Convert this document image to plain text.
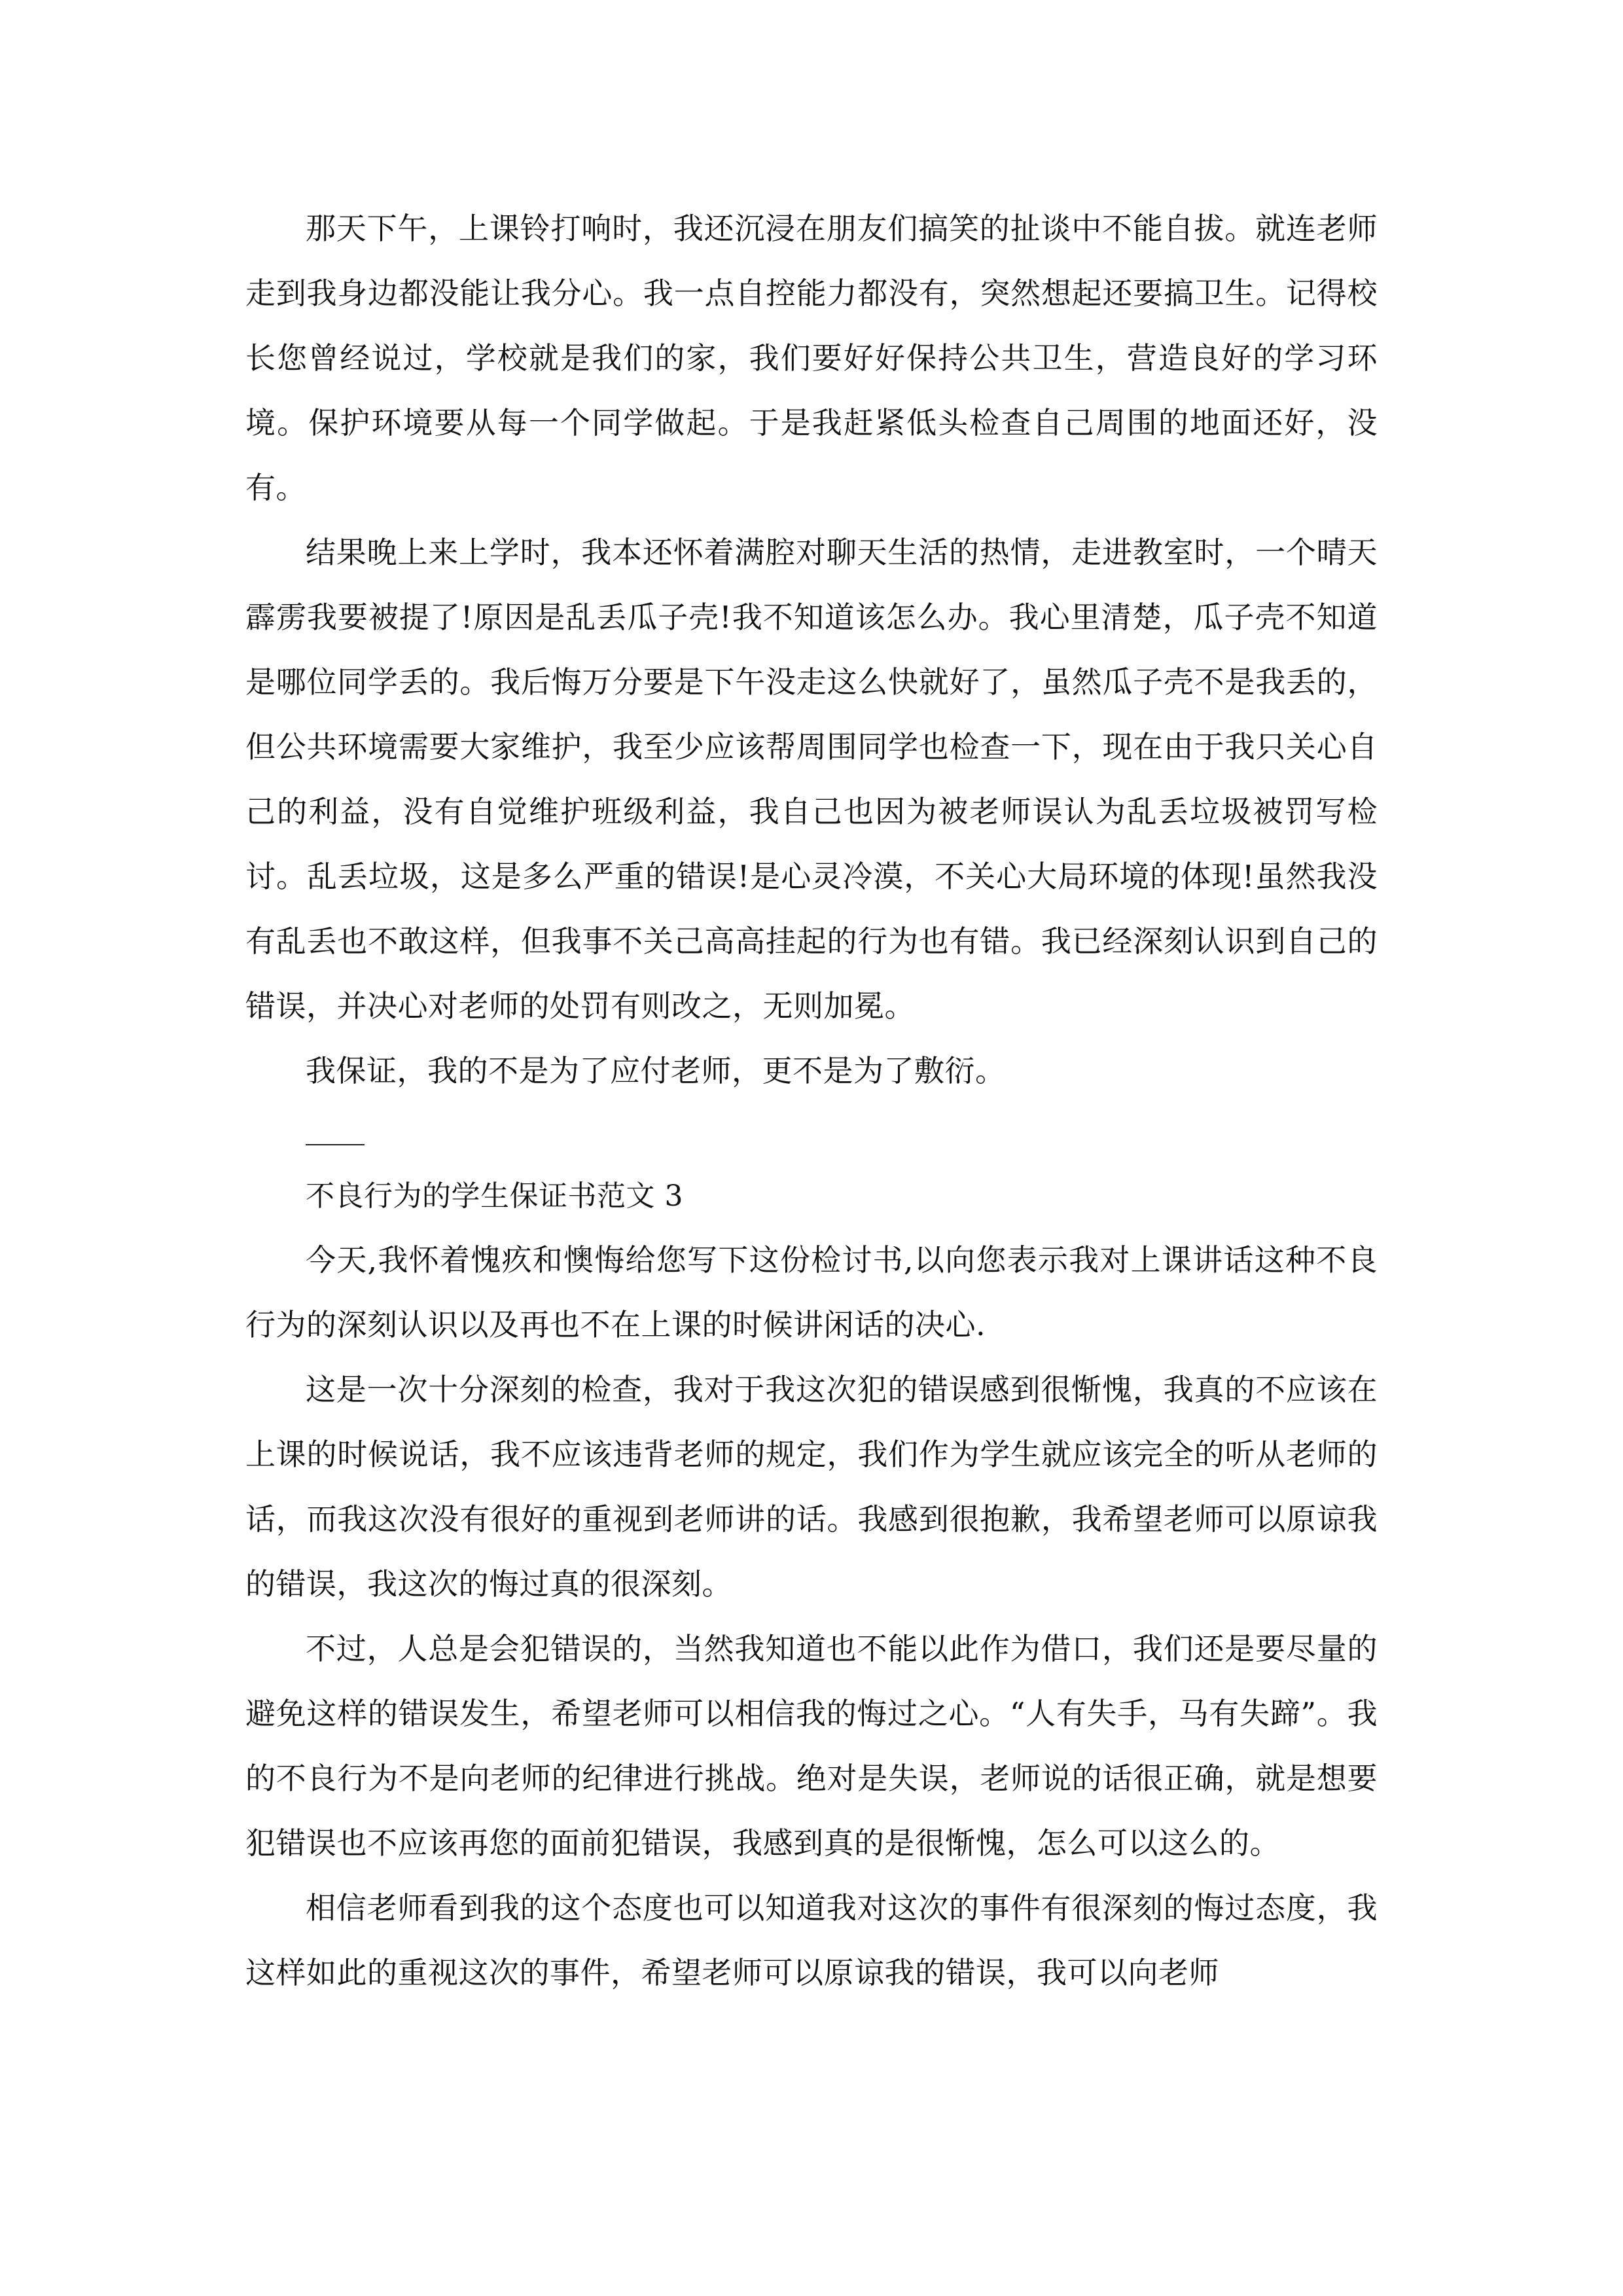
那天下午，上课铃打响时，我还沉浸在朋友们搞笑的扯谈中不能自拔。就连老师走到我身边都没能让我分心。我一点自控能力都没有，突然想起还要搞卫生。记得校长您曾经说过，学校就是我们的家，我们要好好保持公共卫生，营造良好的学习环境。保护环境要从每一个同学做起。于是我赶紧低头检查自己周围的地面还好，没有。

结果晚上来上学时，我本还怀着满腔对聊天生活的热情，走进教室时，一个晴天霹雳我要被提了!原因是乱丢瓜子壳!我不知道该怎么办。我心里清楚，瓜子壳不知道是哪位同学丢的。我后悔万分要是下午没走这么快就好了，虽然瓜子壳不是我丢的，但公共环境需要大家维护，我至少应该帮周围同学也检查一下，现在由于我只关心自己的利益，没有自觉维护班级利益，我自己也因为被老师误认为乱丢垃圾被罚写检讨。乱丢垃圾，这是多么严重的错误!是心灵冷漠，不关心大局环境的体现!虽然我没有乱丢也不敢这样，但我事不关己高高挂起的行为也有错。我已经深刻认识到自己的错误，并决心对老师的处罚有则改之，无则加冕。

我保证，我的不是为了应付老师，更不是为了敷衍。

不良行为的学生保证书范文 3

今天,我怀着愧疚和懊悔给您写下这份检讨书,以向您表示我对上课讲话这种不良行为的深刻认识以及再也不在上课的时候讲闲话的决心.

这是一次十分深刻的检查，我对于我这次犯的错误感到很惭愧，我真的不应该在上课的时候说话，我不应该违背老师的规定，我们作为学生就应该完全的听从老师的话，而我这次没有很好的重视到老师讲的话。我感到很抱歉，我希望老师可以原谅我的错误，我这次的悔过真的很深刻。

不过，人总是会犯错误的，当然我知道也不能以此作为借口，我们还是要尽量的避免这样的错误发生，希望老师可以相信我的悔过之心。“人有失手，马有失蹄”。我的不良行为不是向老师的纪律进行挑战。绝对是失误，老师说的话很正确，就是想要犯错误也不应该再您的面前犯错误，我感到真的是很惭愧，怎么可以这么的。

相信老师看到我的这个态度也可以知道我对这次的事件有很深刻的悔过态度，我这样如此的重视这次的事件，希望老师可以原谅我的错误，我可以向老师
